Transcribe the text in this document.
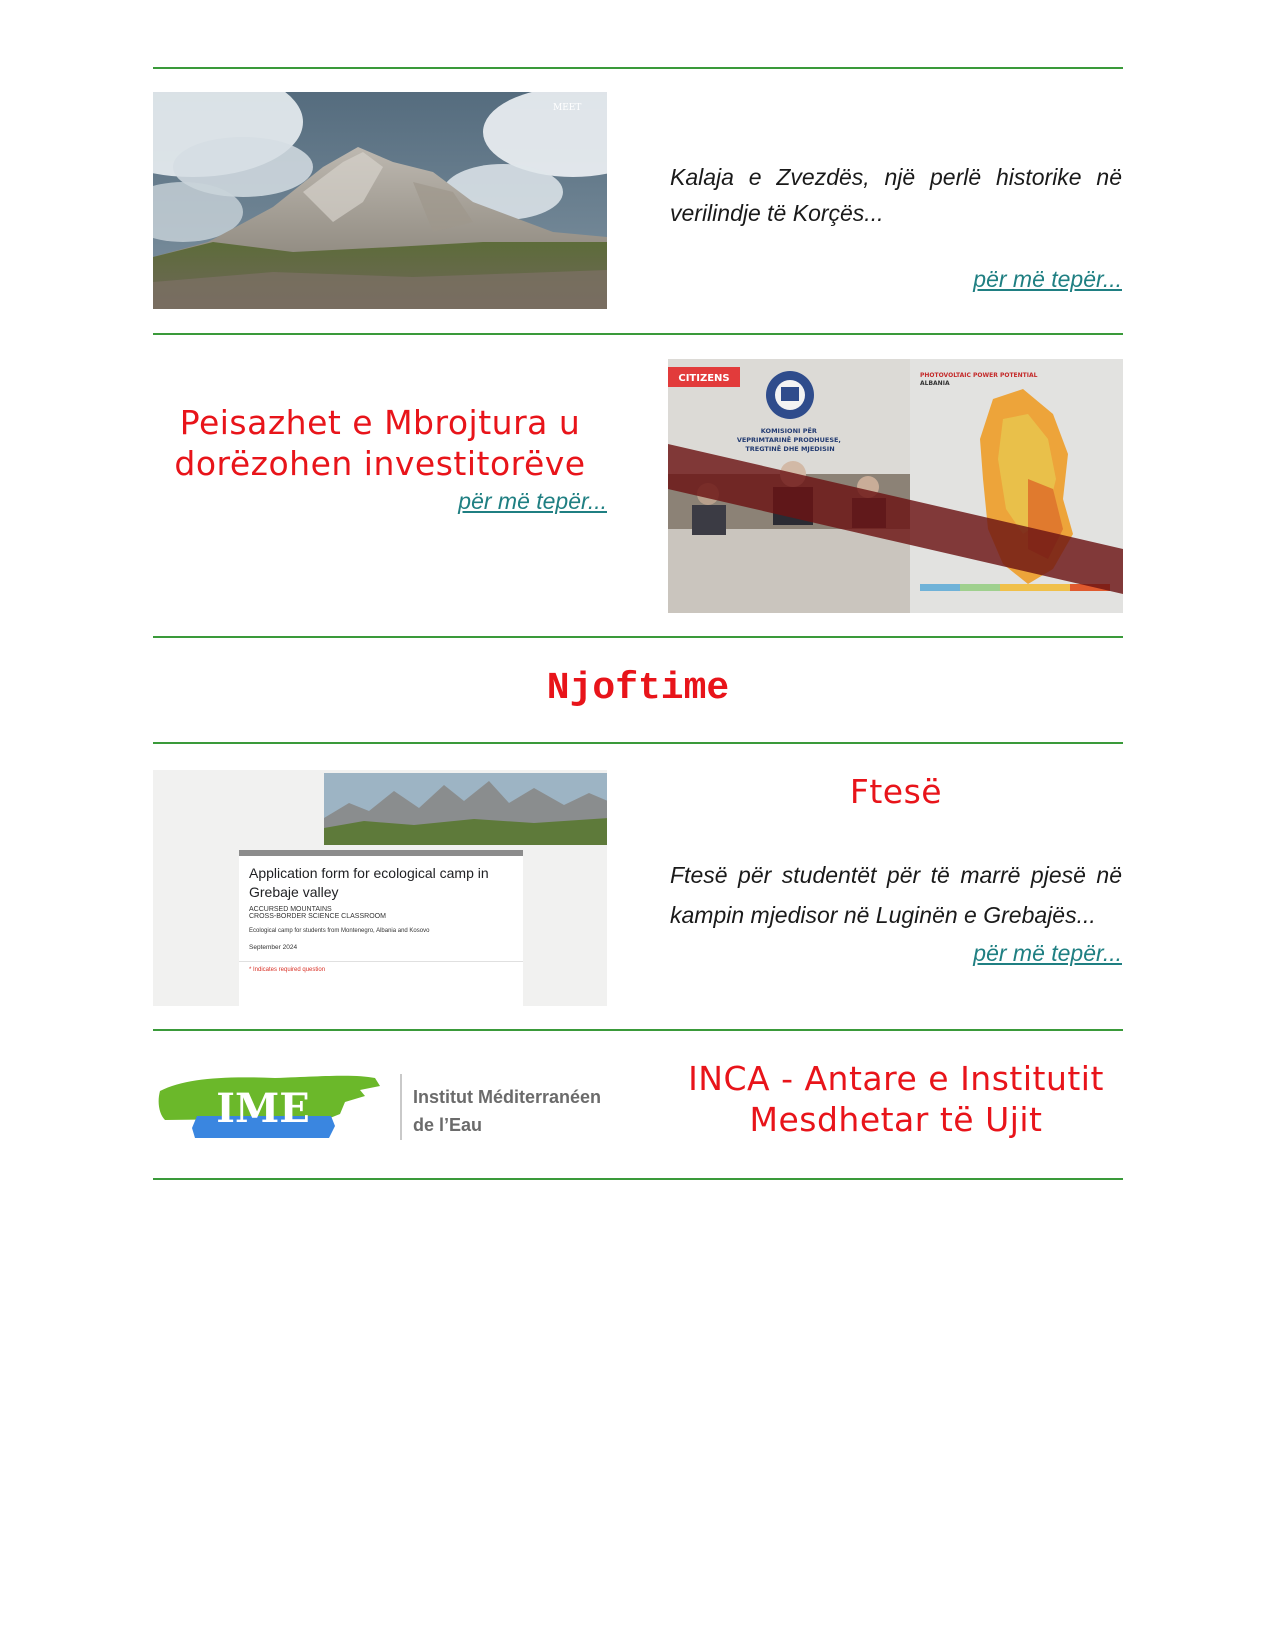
MEET
Kalaja e Zvezdës, një perlë historike në verilindje të Korçës...
për më tepër...
Peisazhet e Mbrojtura u dorëzohen investitorëve
për më tepër...
KOMISIONI PËR VEPRIMTARINË PRODHUESE, TREGTINË DHE MJEDISIN
CITIZENS	PHOTOVOLTAIC POWER POTENTIAL
ALBANIA
Njoftime
Application form for ecological camp in Grebaje valley
ACCURSED MOUNTAINS
CROSS-BORDER SCIENCE CLASSROOM
Ecological camp for students from Montenegro, Albania and Kosovo
September 2024
* Indicates required question
Ftesë
Ftesë për studentët për të marrë pjesë në kampin mjedisor në Luginën e Grebajës...
për më tepër...
IME	Institut Méditerranéen
de l’Eau
INCA - Antare e Institutit Mesdhetar të Ujit
